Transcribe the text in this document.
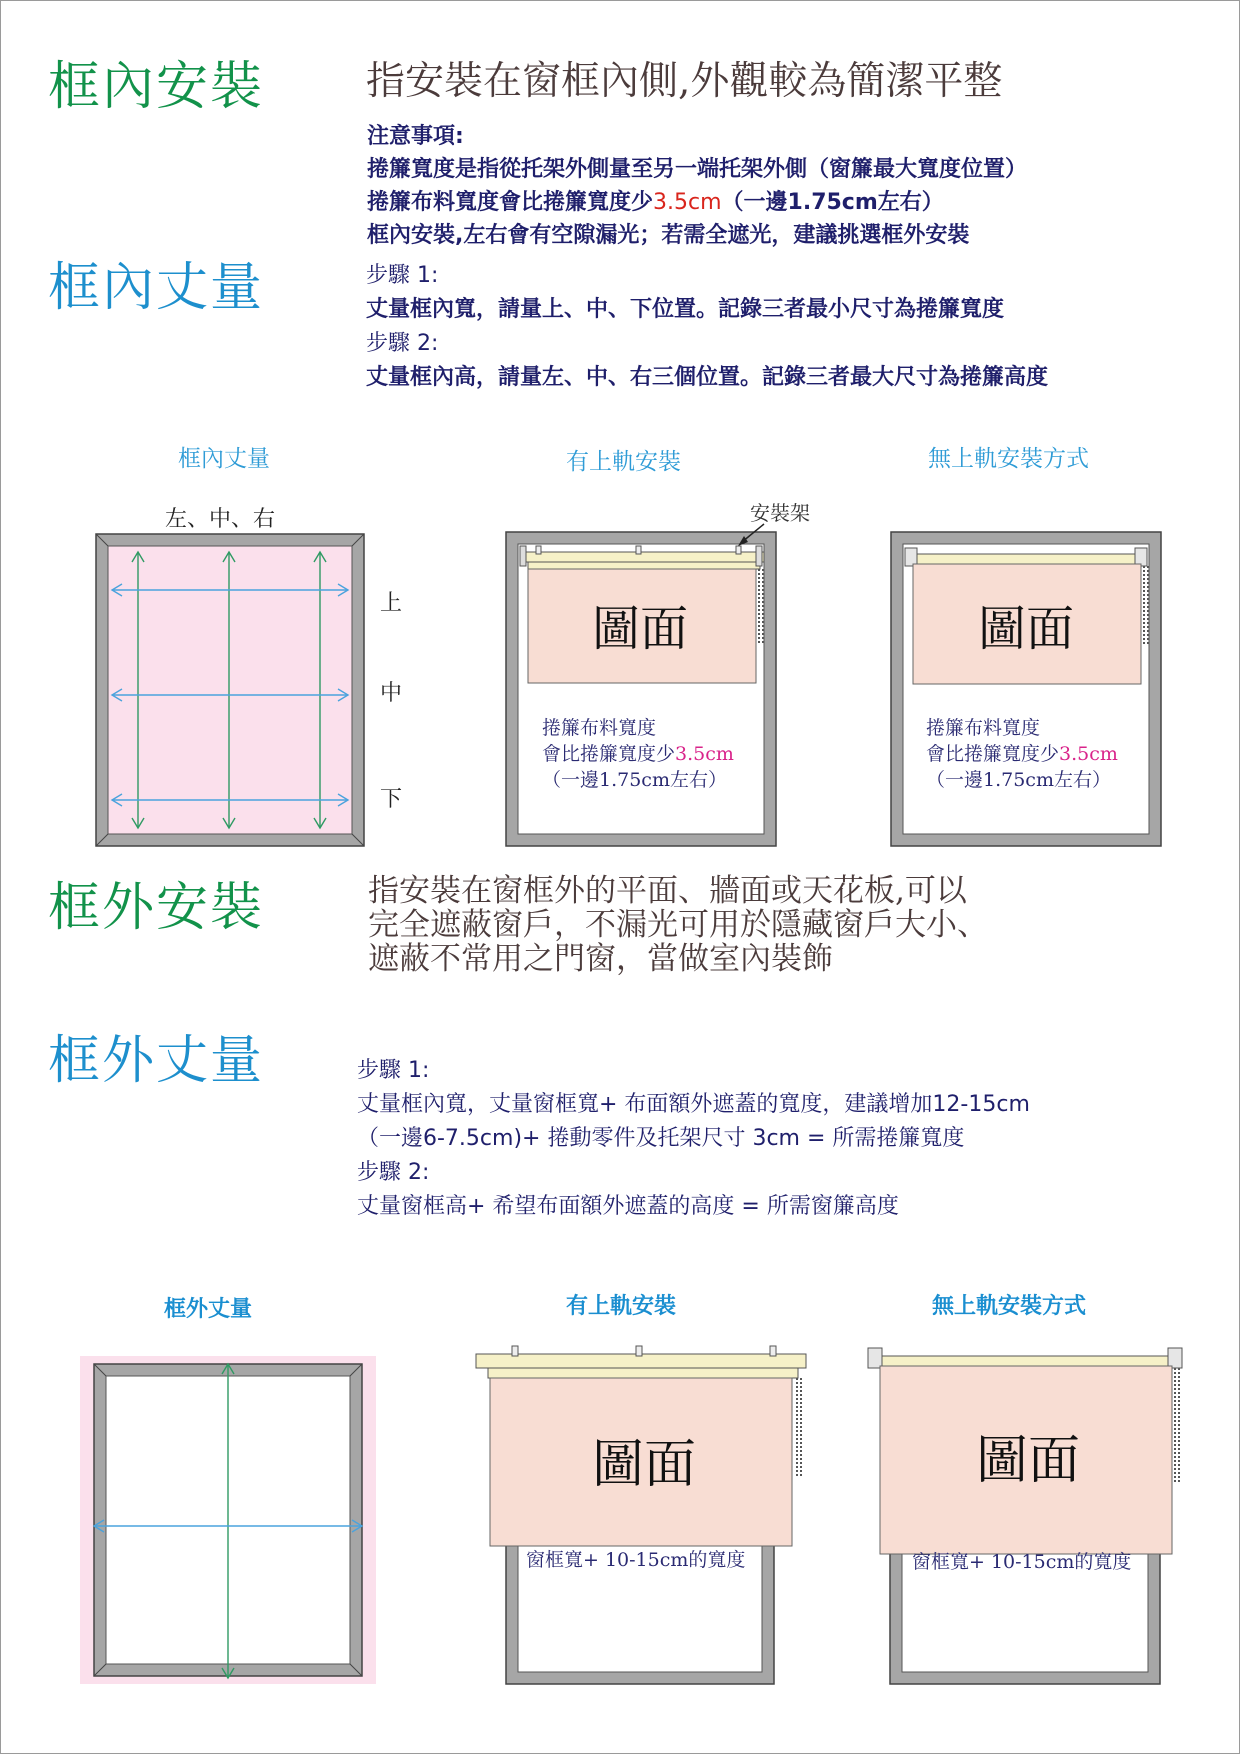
框內安裝	指安裝在窗框內側,外觀較為簡潔平整
注意事項:
捲簾寬度是指從托架外側量至另一端托架外側（窗簾最大寬度位置）
捲簾布料寬度會比捲簾寬度少3.5cm（一邊1.75cm左右）
框內安裝,左右會有空隙漏光；若需全遮光，建議挑選框外安裝
框內丈量	步驟 1:
丈量框內寬，請量上、中、下位置。記錄三者最小尺寸為捲簾寬度
步驟 2:
丈量框內高，請量左、中、右三個位置。記錄三者最大尺寸為捲簾高度
框內丈量	有上軌安裝	無上軌安裝方式
左、中、右
上
中
下
安裝架
圖面
捲簾布料寬度
會比捲簾寬度少3.5cm
（一邊1.75cm左右）
圖面
捲簾布料寬度
會比捲簾寬度少3.5cm
（一邊1.75cm左右）
框外安裝	指安裝在窗框外的平面、牆面或天花板,可以
完全遮蔽窗戶，不漏光可用於隱藏窗戶大小、
遮蔽不常用之門窗，當做室內裝飾
框外丈量	步驟 1:
丈量框內寬，丈量窗框寬+ 布面額外遮蓋的寬度，建議增加12-15cm
（一邊6-7.5cm)+ 捲動零件及托架尺寸 3cm = 所需捲簾寬度
步驟 2:
丈量窗框高+ 希望布面額外遮蓋的高度 = 所需窗簾高度
框外丈量	有上軌安裝	無上軌安裝方式
圖面
窗框寬+ 10-15cm的寬度
圖面
窗框寬+ 10-15cm的寬度
